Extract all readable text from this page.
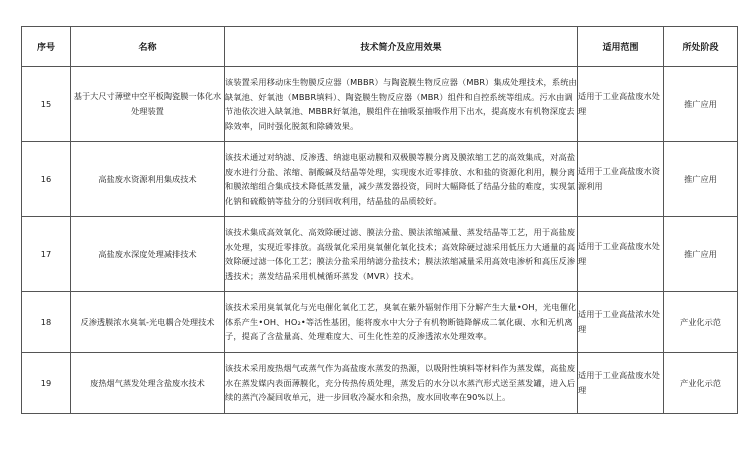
序号	名称	技术简介及应用效果	适用范围	所处阶段
15	基于大尺寸薄壁中空平板陶瓷膜一体化水处理装置	该装置采用移动床生物膜反应器（MBBR）与陶瓷膜生物反应器（MBR）集成处理技术，系统由缺氧池、好氧池（MBBR填料）、陶瓷膜生物反应器（MBR）组件和自控系统等组成。污水由调节池依次进入缺氧池、MBBR好氧池，膜组件在抽吸泵抽吸作用下出水，提高废水有机物深度去除效率，同时强化脱氮和除磷效果。	适用于工业高盐废水处理	推广应用
16	高盐废水资源利用集成技术	该技术通过对纳滤、反渗透、纳滤电驱动膜和双极膜等膜分离及膜浓缩工艺的高效集成，对高盐废水进行分盐、浓缩、制酸碱及结晶等处理，实现废水近零排放、水和盐的资源化利用，膜分离和膜浓缩组合集成技术降低蒸发量，减少蒸发器投资，同时大幅降低了结晶分盐的难度，实现氯化钠和硫酸钠等盐分的分别回收利用，结晶盐的品质较好。	适用于工业高盐废水资源利用	推广应用
17	高盐废水深度处理减排技术	该技术集成高效氧化、高效除硬过滤、膜法分盐、膜法浓缩减量、蒸发结晶等工艺，用于高盐废水处理，实现近零排放。高级氧化采用臭氧催化氧化技术；高效除硬过滤采用低压力大通量的高效除硬过滤一体化工艺；膜法分盐采用纳滤分盐技术；膜法浓缩减量采用高效电渗析和高压反渗透技术；蒸发结晶采用机械循环蒸发（MVR）技术。	适用于工业高盐废水处理	推广应用
18	反渗透膜浓水臭氧-光电耦合处理技术	该技术采用臭氧氧化与光电催化氧化工艺，臭氧在紫外辐射作用下分解产生大量•OH，光电催化体系产生•OH、HO₂•等活性基团，能将废水中大分子有机物断链降解成二氧化碳、水和无机离子，提高了含盐量高、处理难度大、可生化性差的反渗透浓水处理效率。	适用于工业高盐浓水处理	产业化示范
19	废热烟气蒸发处理含盐废水技术	该技术采用废热烟气或蒸气作为高盐废水蒸发的热源，以吸附性填料等材料作为蒸发媒，高盐废水在蒸发媒内表面薄膜化，充分传热传质处理，蒸发后的水分以水蒸汽形式送至蒸发罐，进入后续的蒸汽冷凝回收单元，进一步回收冷凝水和余热，废水回收率在90%以上。	适用于工业高盐废水处理	产业化示范
